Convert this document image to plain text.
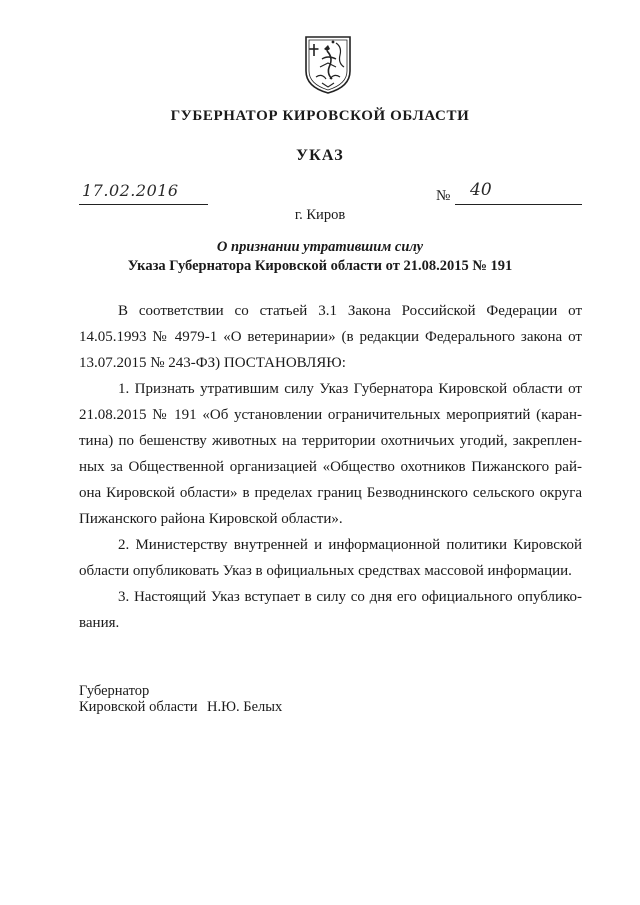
ГУБЕРНАТОР КИРОВСКОЙ ОБЛАСТИ
УКАЗ
17.02.2016	№ 40
г. Киров
О признании утратившим силу
Указа Губернатора Кировской области от 21.08.2015 № 191
В соответствии со статьей 3.1 Закона Российской Федерации от
14.05.1993 № 4979-1 «О ветеринарии» (в редакции Федерального закона от
13.07.2015 № 243-ФЗ) ПОСТАНОВЛЯЮ:
1. Признать утратившим силу Указ Губернатора Кировской области от
21.08.2015 № 191 «Об установлении ограничительных мероприятий (каран-
тина) по бешенству животных на территории охотничьих угодий, закреплен-
ных за Общественной организацией «Общество охотников Пижанского рай-
она Кировской области» в пределах границ Безводнинского сельского округа
Пижанского района Кировской области».
2. Министерству внутренней и информационной политики Кировской
области опубликовать Указ в официальных средствах массовой информации.
3. Настоящий Указ вступает в силу со дня его официального опублико-
вания.
Губернатор
Кировской области Н.Ю. Белых
